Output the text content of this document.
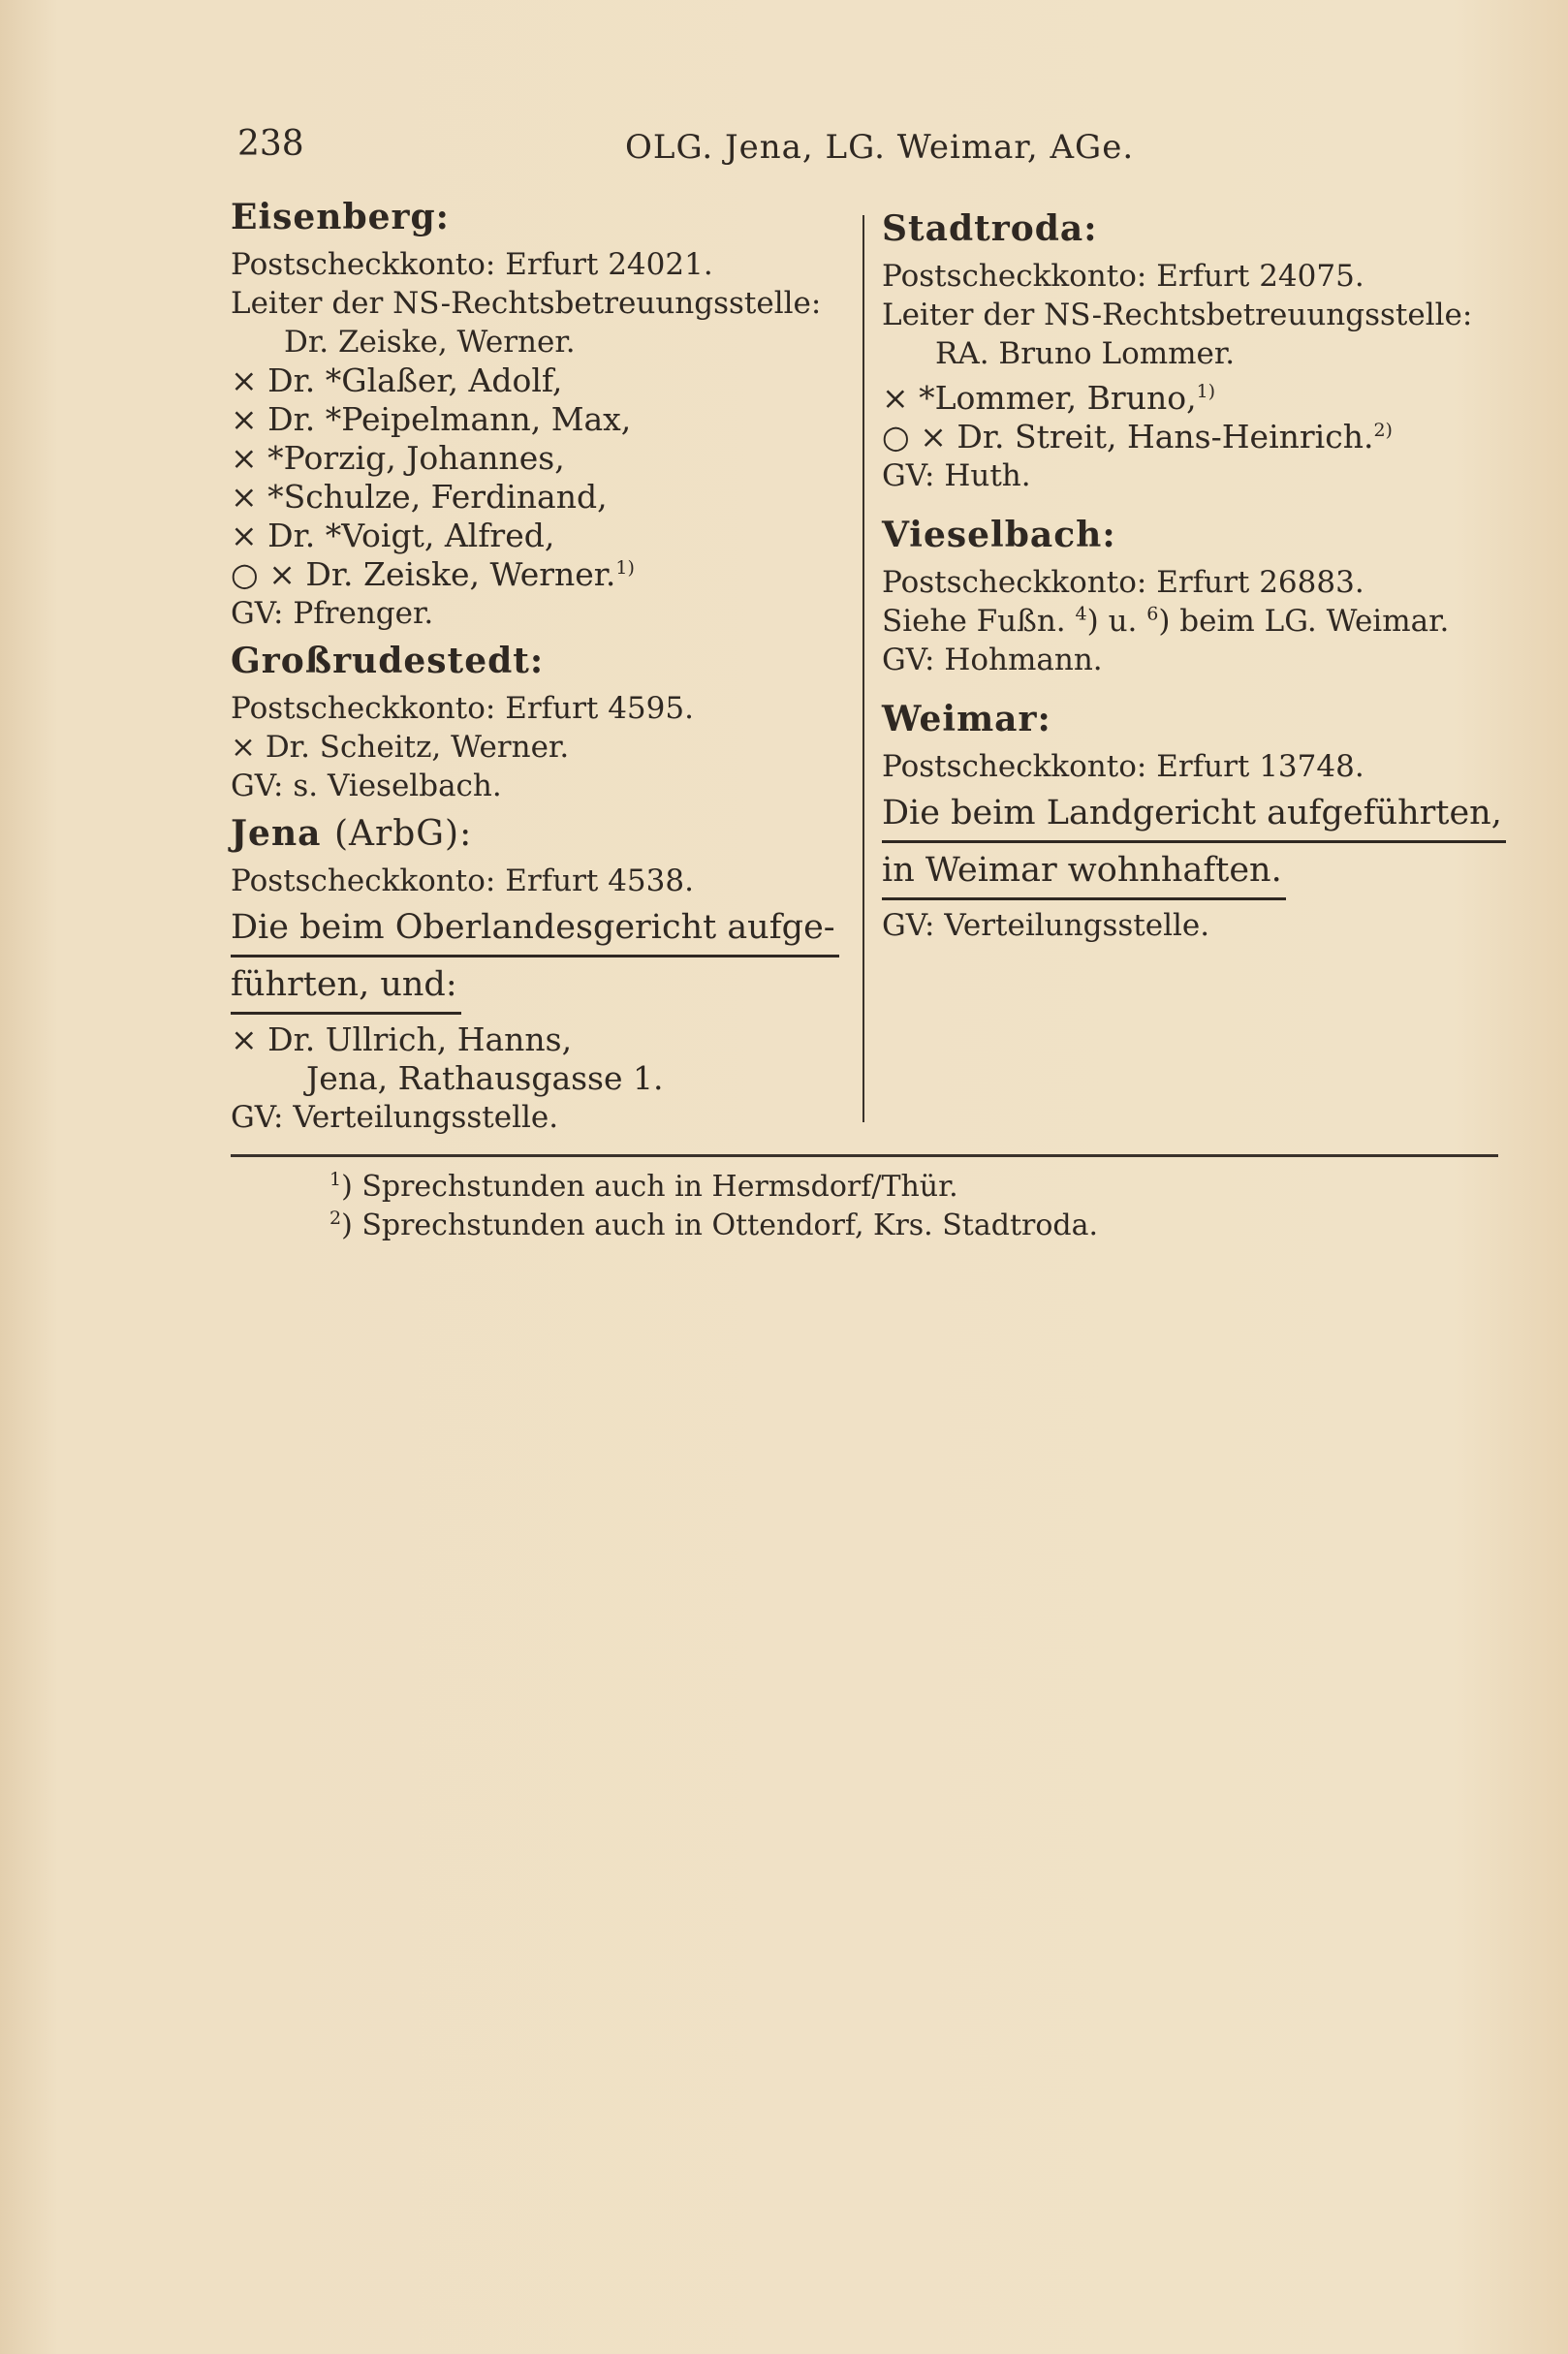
238	OLG. Jena, LG. Weimar, AGe.
Eisenberg:
Postscheckkonto: Erfurt 24021.
Leiter der NS-Rechtsbetreuungsstelle:
Dr. Zeiske, Werner.
× Dr. *Glaßer, Adolf,
× Dr. *Peipelmann, Max,
× *Porzig, Johannes,
× *Schulze, Ferdinand,
× Dr. *Voigt, Alfred,
○ × Dr. Zeiske, Werner.$^{1)}$
GV: Pfrenger.
Großrudestedt:
Postscheckkonto: Erfurt 4595.
× Dr. Scheitz, Werner.
GV: s. Vieselbach.
Jena (ArbG):
Postscheckkonto: Erfurt 4538.
Die beim Oberlandesgericht aufge-
führten, und:
× Dr. Ullrich, Hanns,
Jena, Rathausgasse 1.
GV: Verteilungsstelle.
Stadtroda:
Postscheckkonto: Erfurt 24075.
Leiter der NS-Rechtsbetreuungsstelle:
RA. Bruno Lommer.
× *Lommer, Bruno,$^{1)}$
○ × Dr. Streit, Hans-Heinrich.$^{2)}$
GV: Huth.
Vieselbach:
Postscheckkonto: Erfurt 26883.
Siehe Fußn. $^4$) u. $^6$) beim LG. Weimar.
GV: Hohmann.
Weimar:
Postscheckkonto: Erfurt 13748.
Die beim Landgericht aufgeführten,
in Weimar wohnhaften.
GV: Verteilungsstelle.
$^1$) Sprechstunden auch in Hermsdorf/Thür.
$^2$) Sprechstunden auch in Ottendorf, Krs. Stadtroda.
